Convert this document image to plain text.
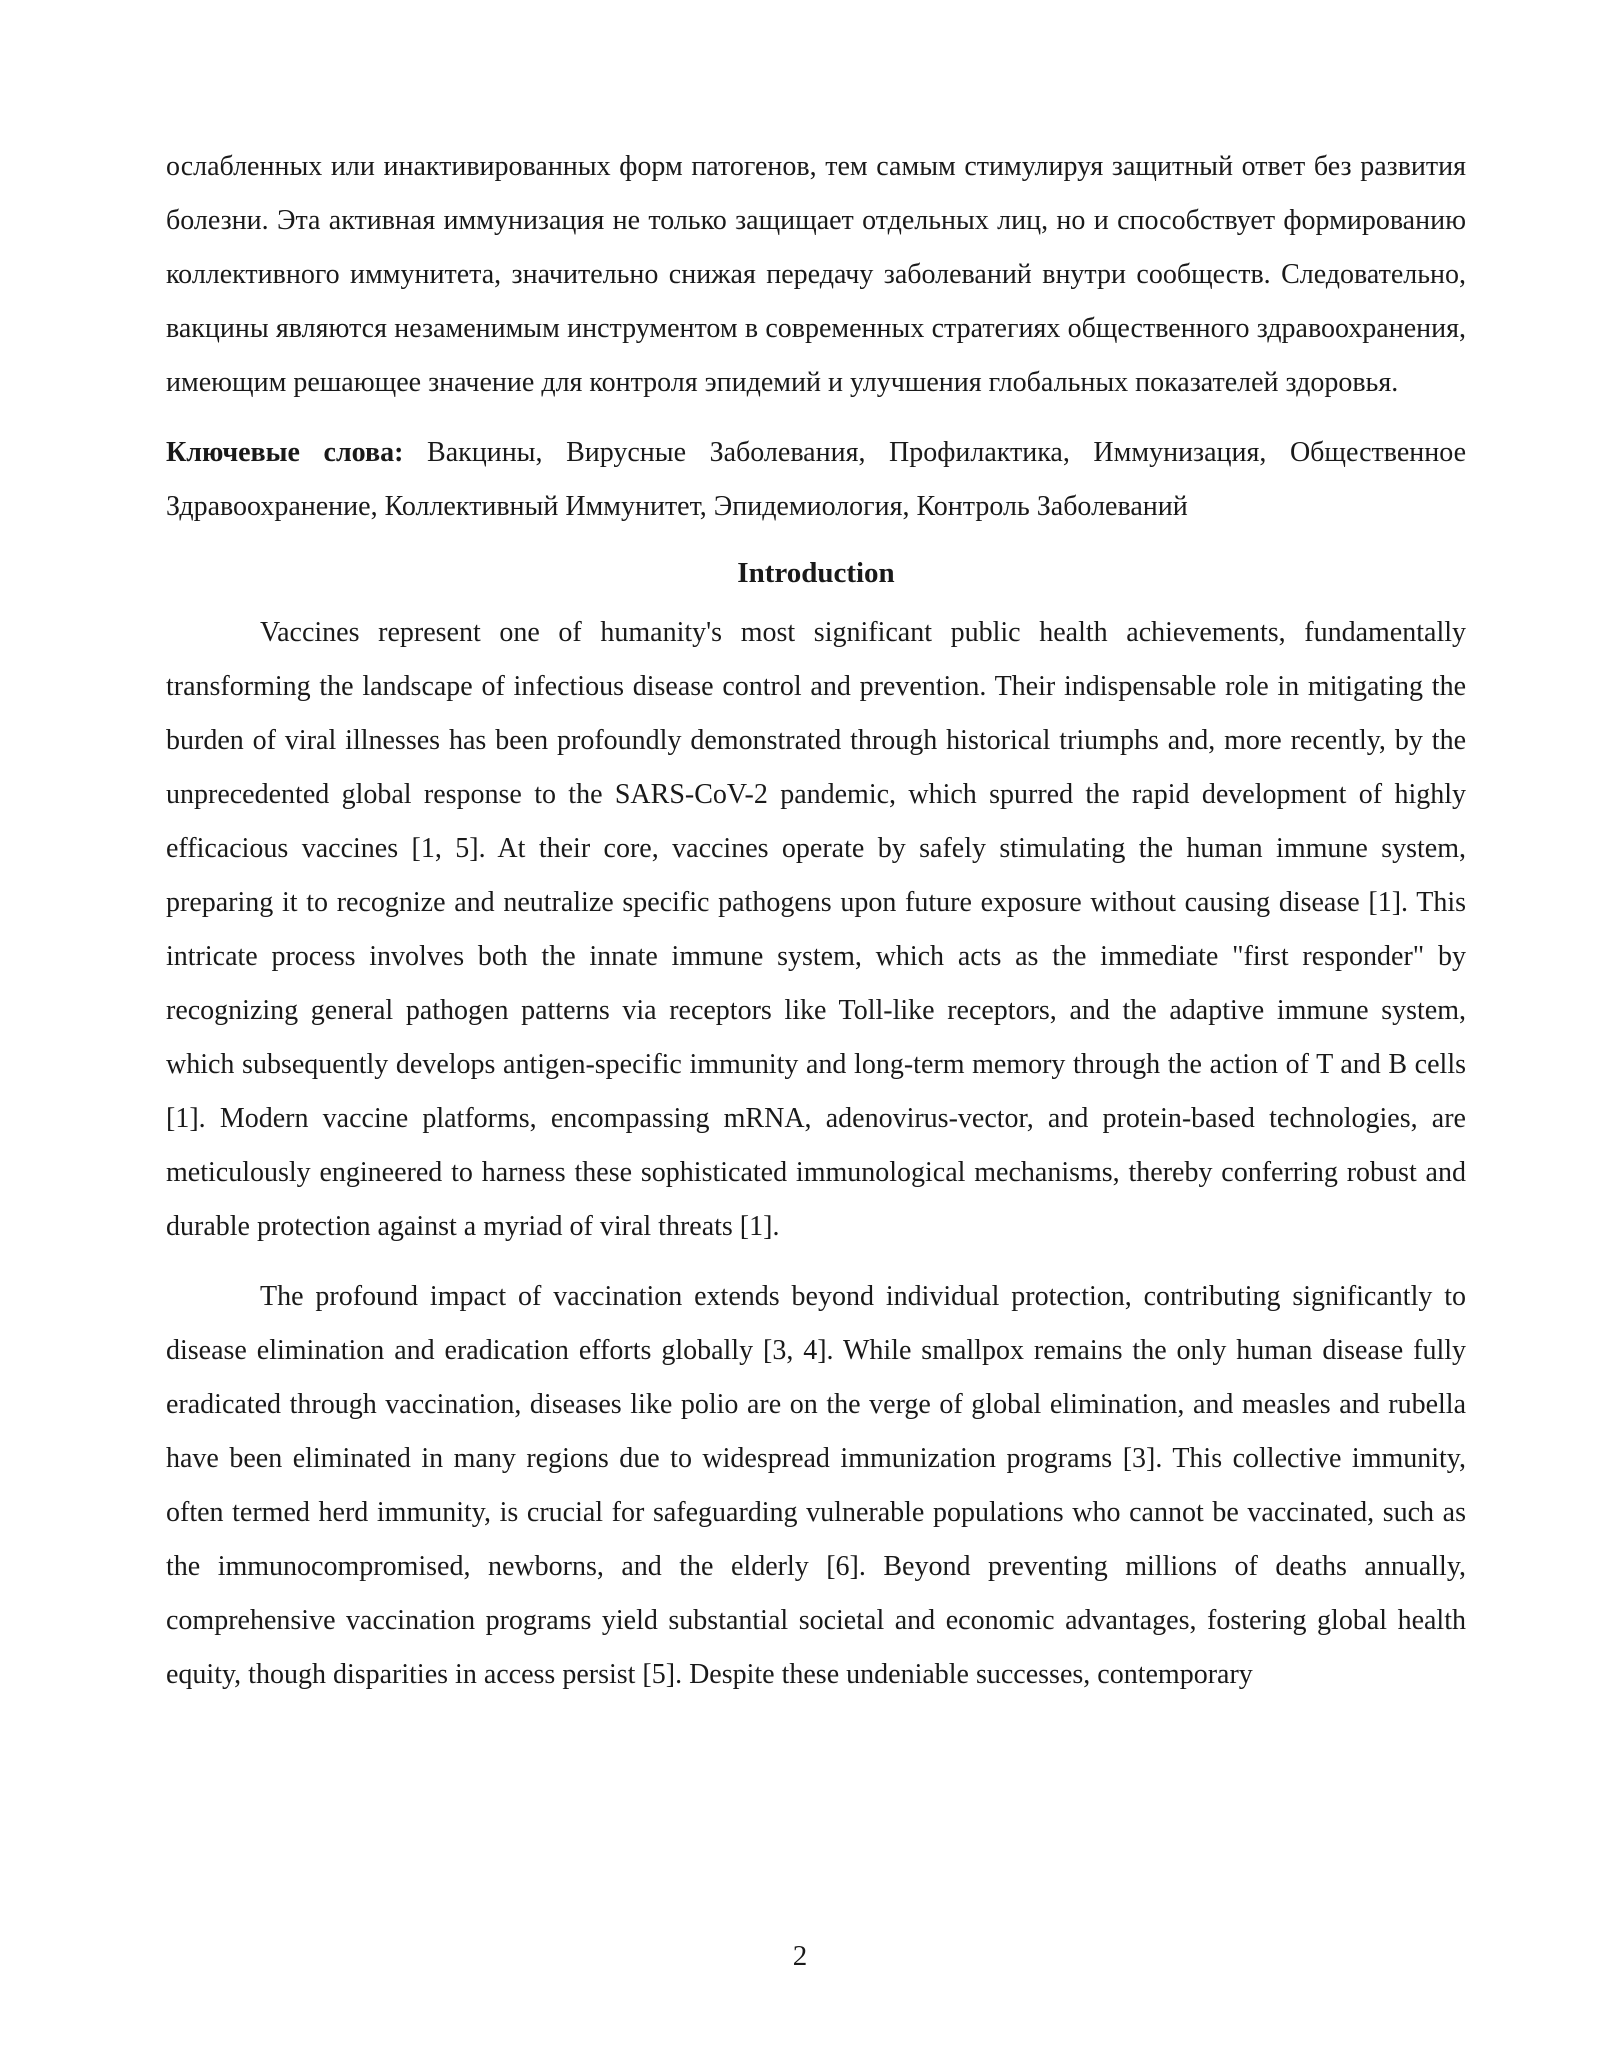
ослабленных или инактивированных форм патогенов, тем самым стимулируя защитный ответ без развития болезни. Эта активная иммунизация не только защищает отдельных лиц, но и способствует формированию коллективного иммунитета, значительно снижая передачу заболеваний внутри сообществ. Следовательно, вакцины являются незаменимым инструментом в современных стратегиях общественного здравоохранения, имеющим решающее значение для контроля эпидемий и улучшения глобальных показателей здоровья.

Ключевые слова: Вакцины, Вирусные Заболевания, Профилактика, Иммунизация, Общественное Здравоохранение, Коллективный Иммунитет, Эпидемиология, Контроль Заболеваний

Introduction

Vaccines represent one of humanity's most significant public health achievements, fundamentally transforming the landscape of infectious disease control and prevention. Their indispensable role in mitigating the burden of viral illnesses has been profoundly demonstrated through historical triumphs and, more recently, by the unprecedented global response to the SARS-CoV-2 pandemic, which spurred the rapid development of highly efficacious vaccines [1, 5]. At their core, vaccines operate by safely stimulating the human immune system, preparing it to recognize and neutralize specific pathogens upon future exposure without causing disease [1]. This intricate process involves both the innate immune system, which acts as the immediate "first responder" by recognizing general pathogen patterns via receptors like Toll-like receptors, and the adaptive immune system, which subsequently develops antigen-specific immunity and long-term memory through the action of T and B cells [1]. Modern vaccine platforms, encompassing mRNA, adenovirus-vector, and protein-based technologies, are meticulously engineered to harness these sophisticated immunological mechanisms, thereby conferring robust and durable protection against a myriad of viral threats [1].

The profound impact of vaccination extends beyond individual protection, contributing significantly to disease elimination and eradication efforts globally [3, 4]. While smallpox remains the only human disease fully eradicated through vaccination, diseases like polio are on the verge of global elimination, and measles and rubella have been eliminated in many regions due to widespread immunization programs [3]. This collective immunity, often termed herd immunity, is crucial for safeguarding vulnerable populations who cannot be vaccinated, such as the immunocompromised, newborns, and the elderly [6]. Beyond preventing millions of deaths annually, comprehensive vaccination programs yield substantial societal and economic advantages, fostering global health equity, though disparities in access persist [5]. Despite these undeniable successes, contemporary

2
